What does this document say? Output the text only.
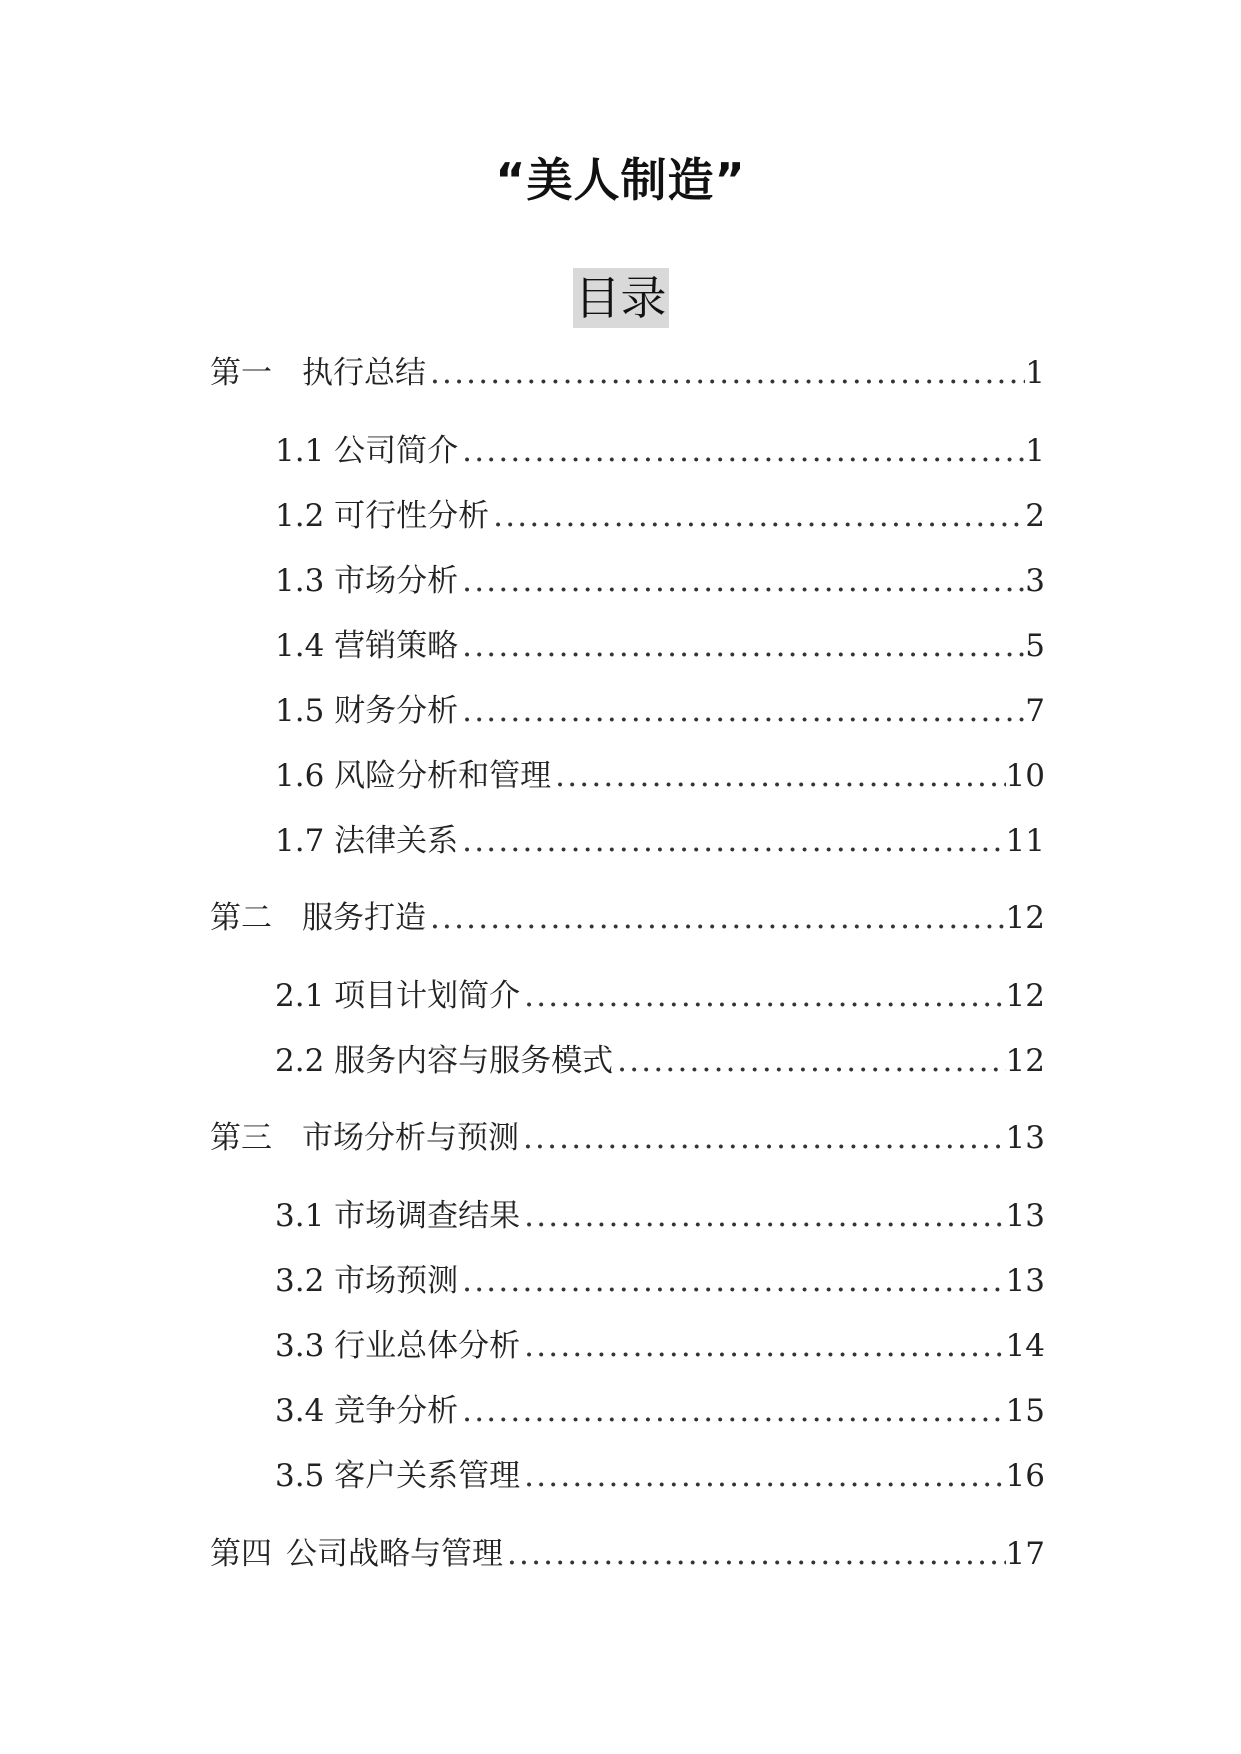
“美人制造”
目录
第一 执行总结 .....	1
1.1 公司简介 .....	1
1.2 可行性分析 .....	2
1.3 市场分析 .....	3
1.4 营销策略 .....	5
1.5 财务分析 .....	7
1.6 风险分析和管理 .....	10
1.7 法律关系 .....	11
第二 服务打造 .....	12
2.1 项目计划简介 .....	12
2.2 服务内容与服务模式 .....	12
第三 市场分析与预测 .....	13
3.1 市场调查结果 .....	13
3.2 市场预测 .....	13
3.3 行业总体分析 .....	14
3.4 竞争分析 .....	15
3.5 客户关系管理 .....	16
第四 公司战略与管理 .....	17
